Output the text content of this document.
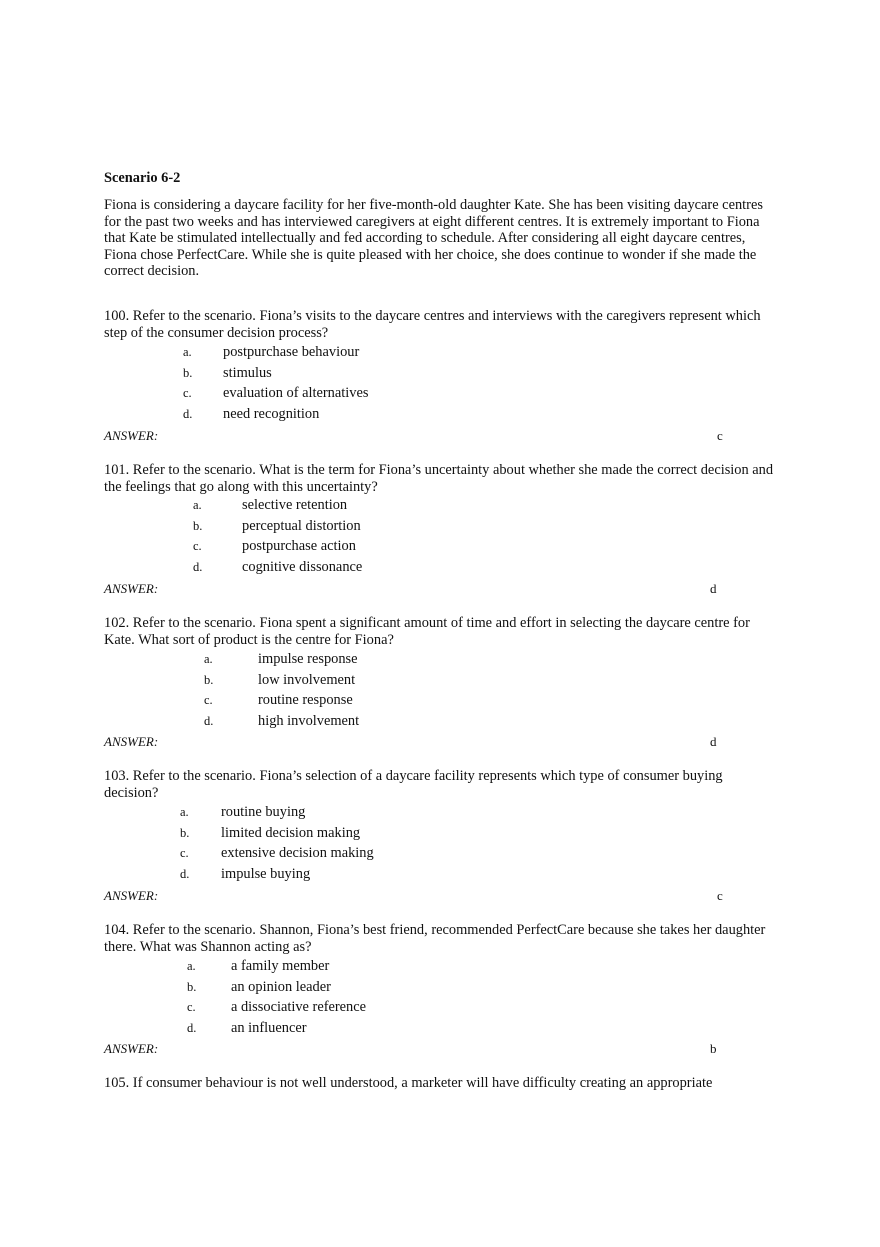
Scenario 6-2
Fiona is considering a daycare facility for her five-month-old daughter Kate. She has been visiting daycare centres for the past two weeks and has interviewed caregivers at eight different centres. It is extremely important to Fiona that Kate be stimulated intellectually and fed according to schedule. After considering all eight daycare centres, Fiona chose PerfectCare. While she is quite pleased with her choice, she does continue to wonder if she made the correct decision.
100. Refer to the scenario. Fiona’s visits to the daycare centres and interviews with the caregivers represent which step of the consumer decision process?
a.	postpurchase behaviour
b.	stimulus
c.	evaluation of alternatives
d.	need recognition
ANSWER:	c
101. Refer to the scenario. What is the term for Fiona’s uncertainty about whether she made the correct decision and the feelings that go along with this uncertainty?
a.	selective retention
b.	perceptual distortion
c.	postpurchase action
d.	cognitive dissonance
ANSWER:	d
102. Refer to the scenario. Fiona spent a significant amount of time and effort in selecting the daycare centre for Kate. What sort of product is the centre for Fiona?
a.	impulse response
b.	low involvement
c.	routine response
d.	high involvement
ANSWER:	d
103. Refer to the scenario. Fiona’s selection of a daycare facility represents which type of consumer buying decision?
a.	routine buying
b.	limited decision making
c.	extensive decision making
d.	impulse buying
ANSWER:	c
104. Refer to the scenario. Shannon, Fiona’s best friend, recommended PerfectCare because she takes her daughter there. What was Shannon acting as?
a.	a family member
b.	an opinion leader
c.	a dissociative reference
d.	an influencer
ANSWER:	b
105. If consumer behaviour is not well understood, a marketer will have difficulty creating an appropriate
